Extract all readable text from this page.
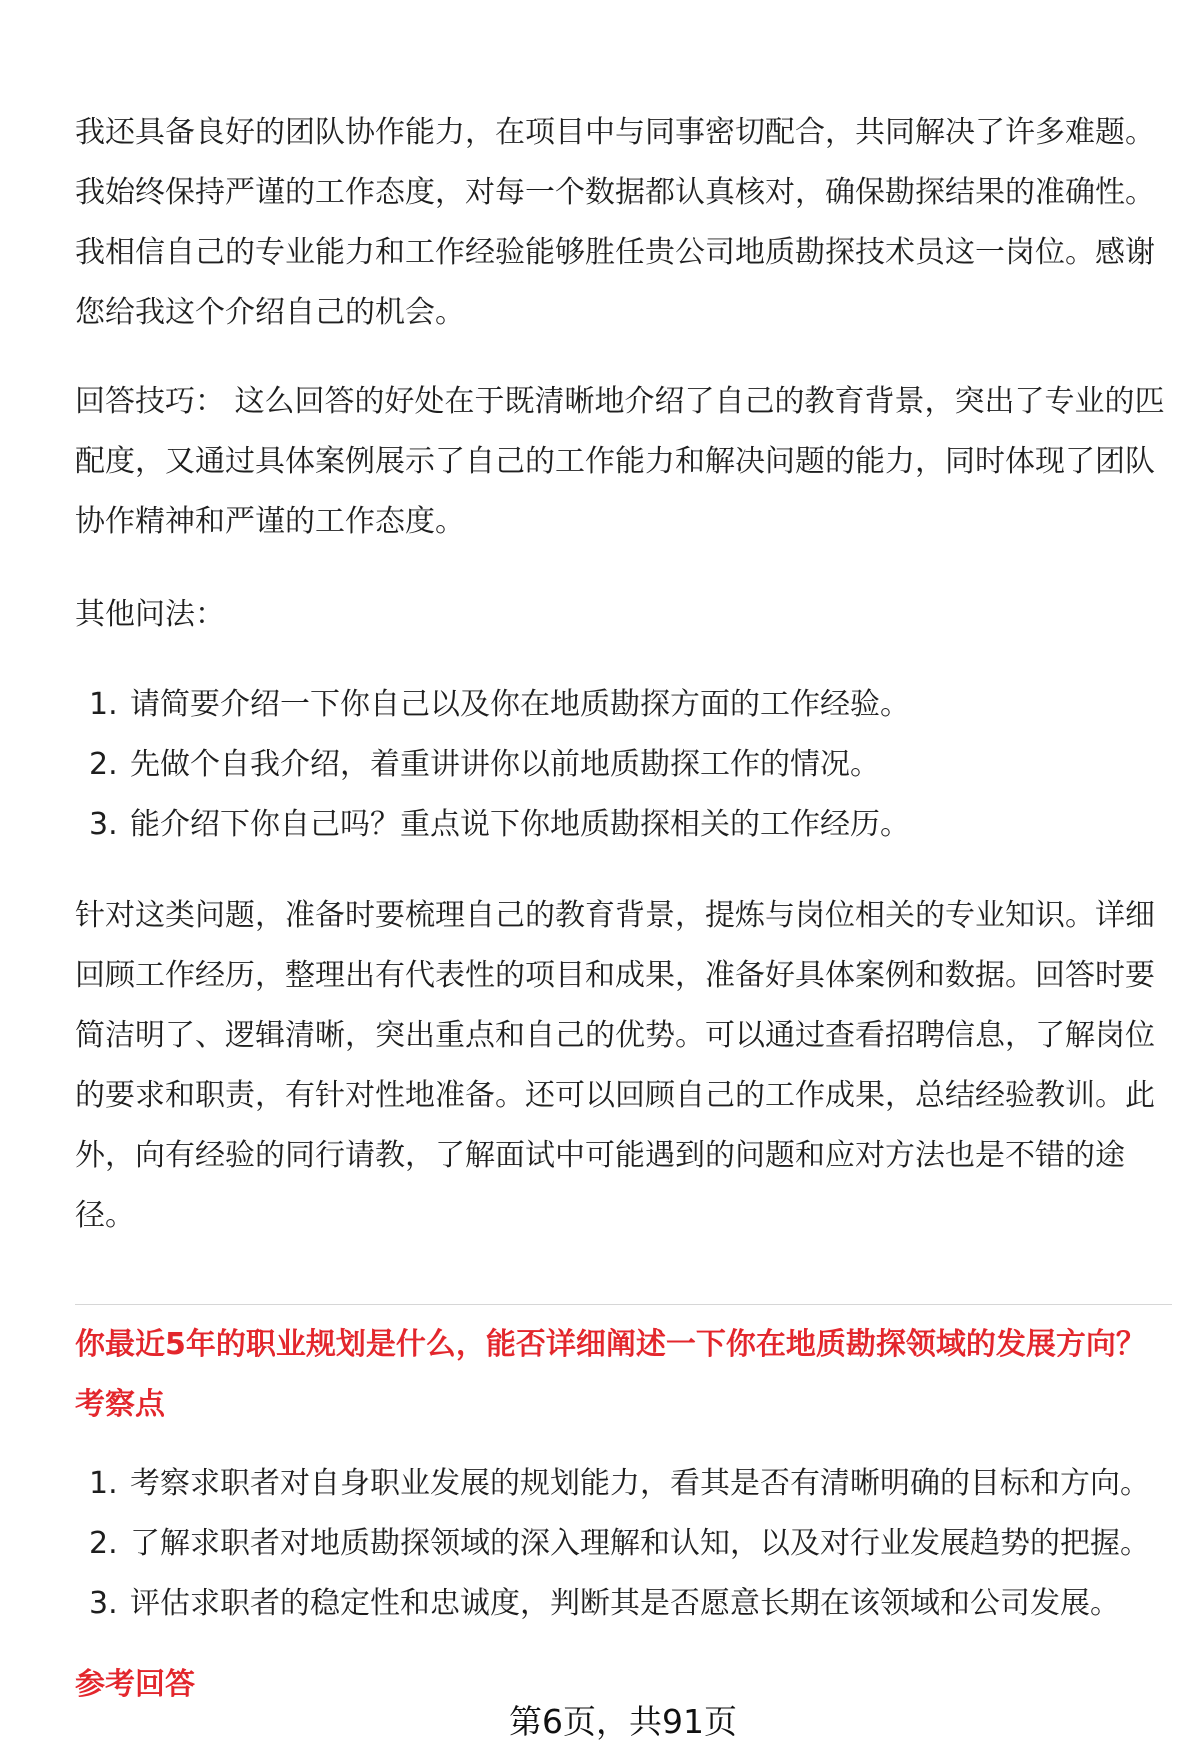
我还具备良好的团队协作能力，在项目中与同事密切配合，共同解决了许多难题。
我始终保持严谨的工作态度，对每一个数据都认真核对，确保勘探结果的准确性。
我相信自己的专业能力和工作经验能够胜任贵公司地质勘探技术员这一岗位。感谢
您给我这个介绍自己的机会。
回答技巧： 这么回答的好处在于既清晰地介绍了自己的教育背景，突出了专业的匹
配度，又通过具体案例展示了自己的工作能力和解决问题的能力，同时体现了团队
协作精神和严谨的工作态度。
其他问法：
1. 请简要介绍一下你自己以及你在地质勘探方面的工作经验。
2. 先做个自我介绍，着重讲讲你以前地质勘探工作的情况。
3. 能介绍下你自己吗？重点说下你地质勘探相关的工作经历。
针对这类问题，准备时要梳理自己的教育背景，提炼与岗位相关的专业知识。详细
回顾工作经历，整理出有代表性的项目和成果，准备好具体案例和数据。回答时要
简洁明了、逻辑清晰，突出重点和自己的优势。可以通过查看招聘信息，了解岗位
的要求和职责，有针对性地准备。还可以回顾自己的工作成果，总结经验教训。此
外，向有经验的同行请教，了解面试中可能遇到的问题和应对方法也是不错的途
径。
你最近5年的职业规划是什么，能否详细阐述一下你在地质勘探领域的发展方向？
考察点
1. 考察求职者对自身职业发展的规划能力，看其是否有清晰明确的目标和方向。
2. 了解求职者对地质勘探领域的深入理解和认知，以及对行业发展趋势的把握。
3. 评估求职者的稳定性和忠诚度，判断其是否愿意长期在该领域和公司发展。
参考回答
第6页，共91页
